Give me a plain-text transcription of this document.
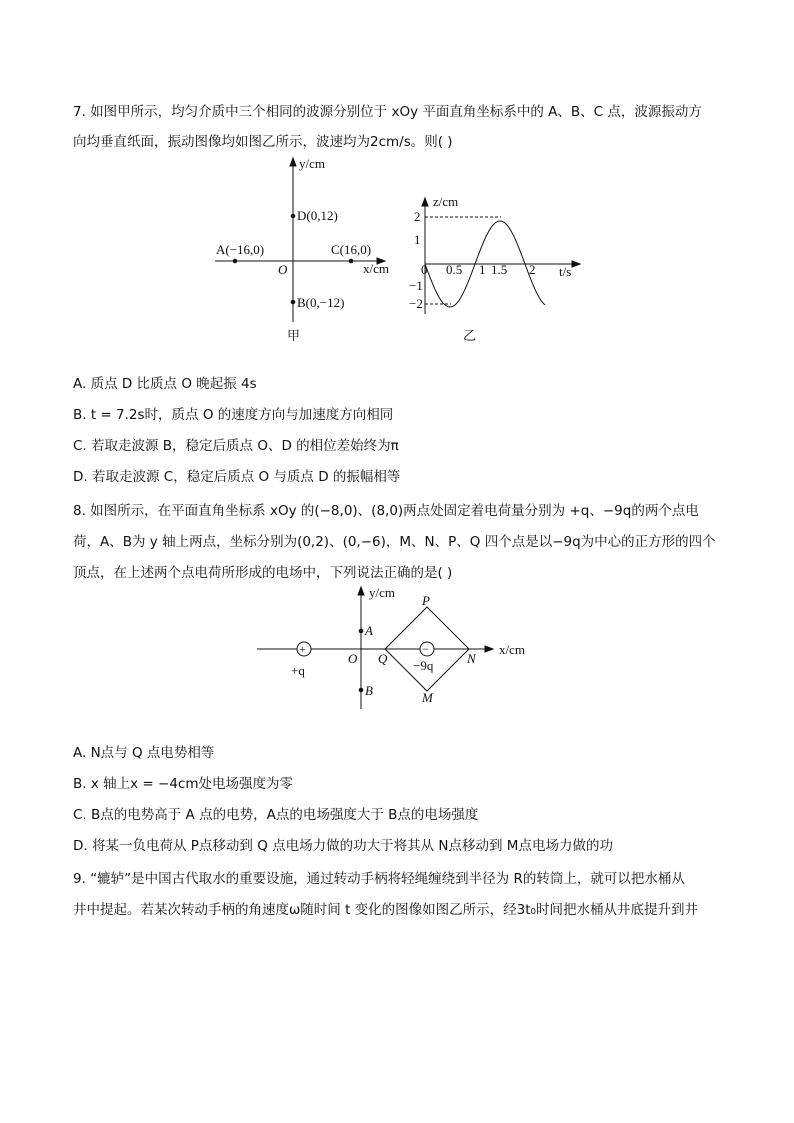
7. 如图甲所示，均匀介质中三个相同的波源分别位于 xOy 平面直角坐标系中的 A、B、C 点，波源振动方
向均垂直纸面，振动图像均如图乙所示，波速均为2cm/s。则( )
y/cm
x/cm
O
A(−16,0)	C(16,0)
D(0,12)
B(0,−12)
甲
z/cm
t/s
0 0.5 1 1.5 2
2
1
−1
−2
乙
A. 质点 D 比质点 O 晚起振 4s
B. t = 7.2s时，质点 O 的速度方向与加速度方向相同
C. 若取走波源 B，稳定后质点 O、D 的相位差始终为π
D. 若取走波源 C，稳定后质点 O 与质点 D 的振幅相等
8. 如图所示，在平面直角坐标系 xOy 的(−8,0)、(8,0)两点处固定着电荷量分别为 +q、−9q的两个点电
荷，A、B为 y 轴上两点，坐标分别为(0,2)、(0,−6)，M、N、P、Q 四个点是以−9q为中心的正方形的四个
顶点，在上述两个点电荷所形成的电场中，下列说法正确的是( )
+	−
+q	−9q
y/cm
x/cm
O
A
B
P
Q	N
M
A. N点与 Q 点电势相等
B. x 轴上x = −4cm处电场强度为零
C. B点的电势高于 A 点的电势，A点的电场强度大于 B点的电场强度
D. 将某一负电荷从 P点移动到 Q 点电场力做的功大于将其从 N点移动到 M点电场力做的功
9. “辘轳”是中国古代取水的重要设施，通过转动手柄将轻绳缠绕到半径为 R的转筒上，就可以把水桶从
井中提起。若某次转动手柄的角速度ω随时间 t 变化的图像如图乙所示，经3t₀时间把水桶从井底提升到井
